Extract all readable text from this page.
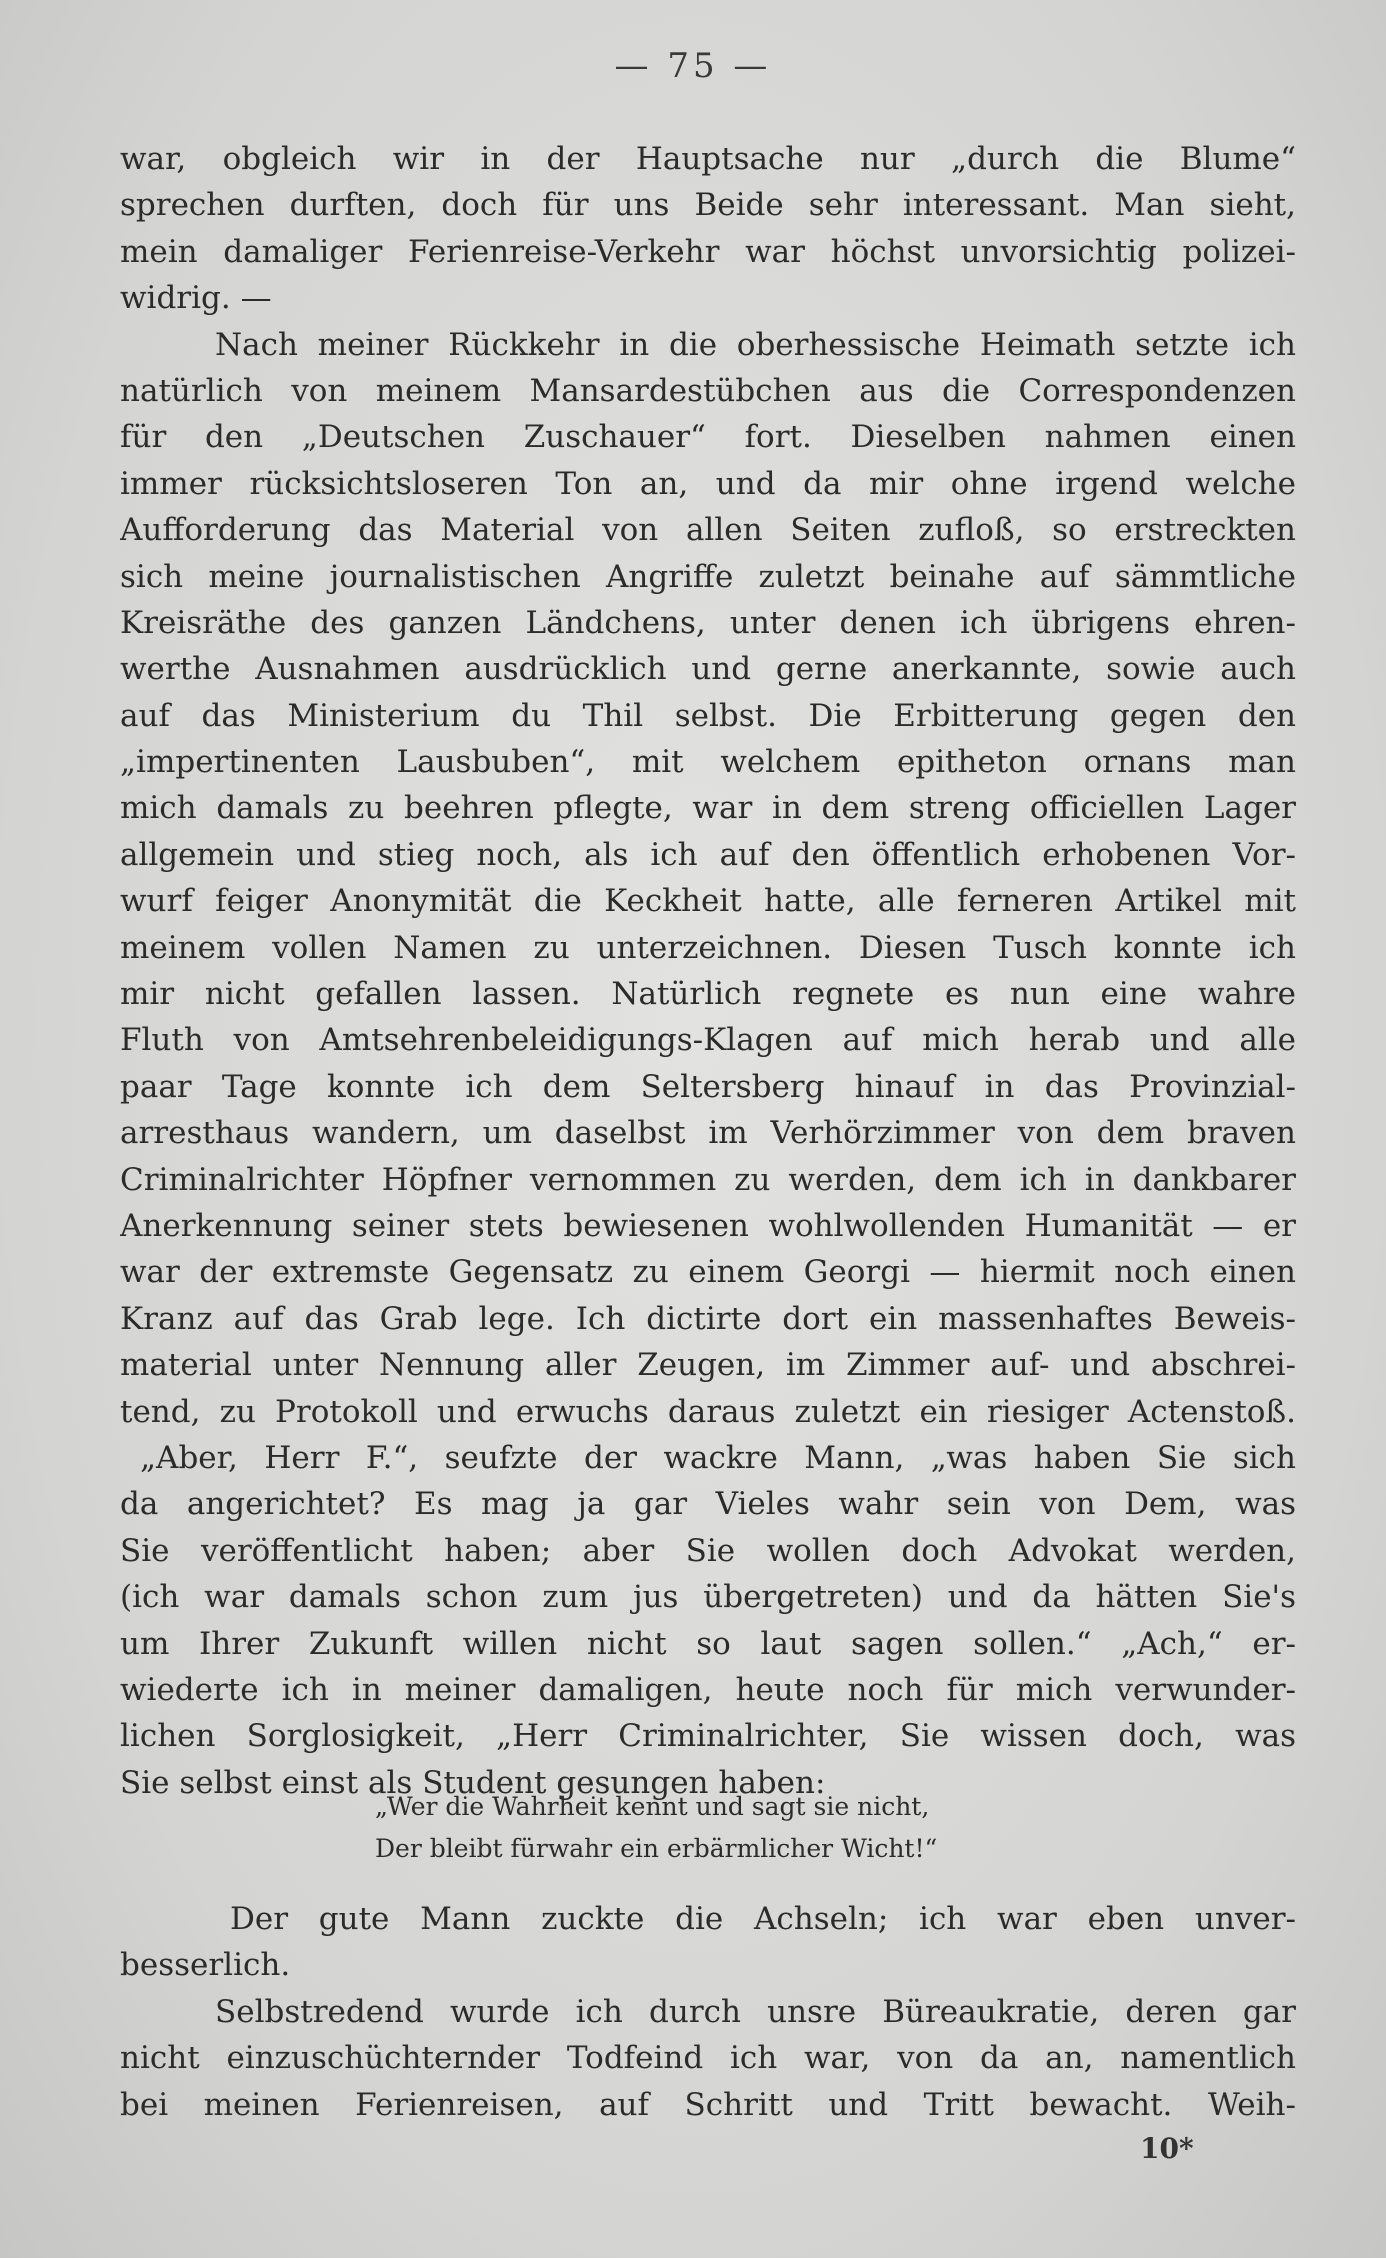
— 75 —
war, obgleich wir in der Hauptsache nur „durch die Blume“
sprechen durften, doch für uns Beide sehr interessant. Man sieht,
mein damaliger Ferienreise-Verkehr war höchst unvorsichtig polizei-
widrig. —
Nach meiner Rückkehr in die oberhessische Heimath setzte ich
natürlich von meinem Mansardestübchen aus die Correspondenzen
für den „Deutschen Zuschauer“ fort. Dieselben nahmen einen
immer rücksichtsloseren Ton an, und da mir ohne irgend welche
Aufforderung das Material von allen Seiten zufloß, so erstreckten
sich meine journalistischen Angriffe zuletzt beinahe auf sämmtliche
Kreisräthe des ganzen Ländchens, unter denen ich übrigens ehren-
werthe Ausnahmen ausdrücklich und gerne anerkannte, sowie auch
auf das Ministerium du Thil selbst. Die Erbitterung gegen den
„impertinenten Lausbuben“, mit welchem epitheton ornans man
mich damals zu beehren pflegte, war in dem streng officiellen Lager
allgemein und stieg noch, als ich auf den öffentlich erhobenen Vor-
wurf feiger Anonymität die Keckheit hatte, alle ferneren Artikel mit
meinem vollen Namen zu unterzeichnen. Diesen Tusch konnte ich
mir nicht gefallen lassen. Natürlich regnete es nun eine wahre
Fluth von Amtsehrenbeleidigungs-Klagen auf mich herab und alle
paar Tage konnte ich dem Seltersberg hinauf in das Provinzial-
arresthaus wandern, um daselbst im Verhörzimmer von dem braven
Criminalrichter Höpfner vernommen zu werden, dem ich in dankbarer
Anerkennung seiner stets bewiesenen wohlwollenden Humanität — er
war der extremste Gegensatz zu einem Georgi — hiermit noch einen
Kranz auf das Grab lege. Ich dictirte dort ein massenhaftes Beweis-
material unter Nennung aller Zeugen, im Zimmer auf- und abschrei-
tend, zu Protokoll und erwuchs daraus zuletzt ein riesiger Actenstoß.
„Aber, Herr F.“, seufzte der wackre Mann, „was haben Sie sich
da angerichtet? Es mag ja gar Vieles wahr sein von Dem, was
Sie veröffentlicht haben; aber Sie wollen doch Advokat werden,
(ich war damals schon zum jus übergetreten) und da hätten Sie's
um Ihrer Zukunft willen nicht so laut sagen sollen.“ „Ach,“ er-
wiederte ich in meiner damaligen, heute noch für mich verwunder-
lichen Sorglosigkeit, „Herr Criminalrichter, Sie wissen doch, was
Sie selbst einst als Student gesungen haben:
„Wer die Wahrheit kennt und sagt sie nicht,
Der bleibt fürwahr ein erbärmlicher Wicht!“
Der gute Mann zuckte die Achseln; ich war eben unver-
besserlich.
Selbstredend wurde ich durch unsre Büreaukratie, deren gar
nicht einzuschüchternder Todfeind ich war, von da an, namentlich
bei meinen Ferienreisen, auf Schritt und Tritt bewacht. Weih-
10*
